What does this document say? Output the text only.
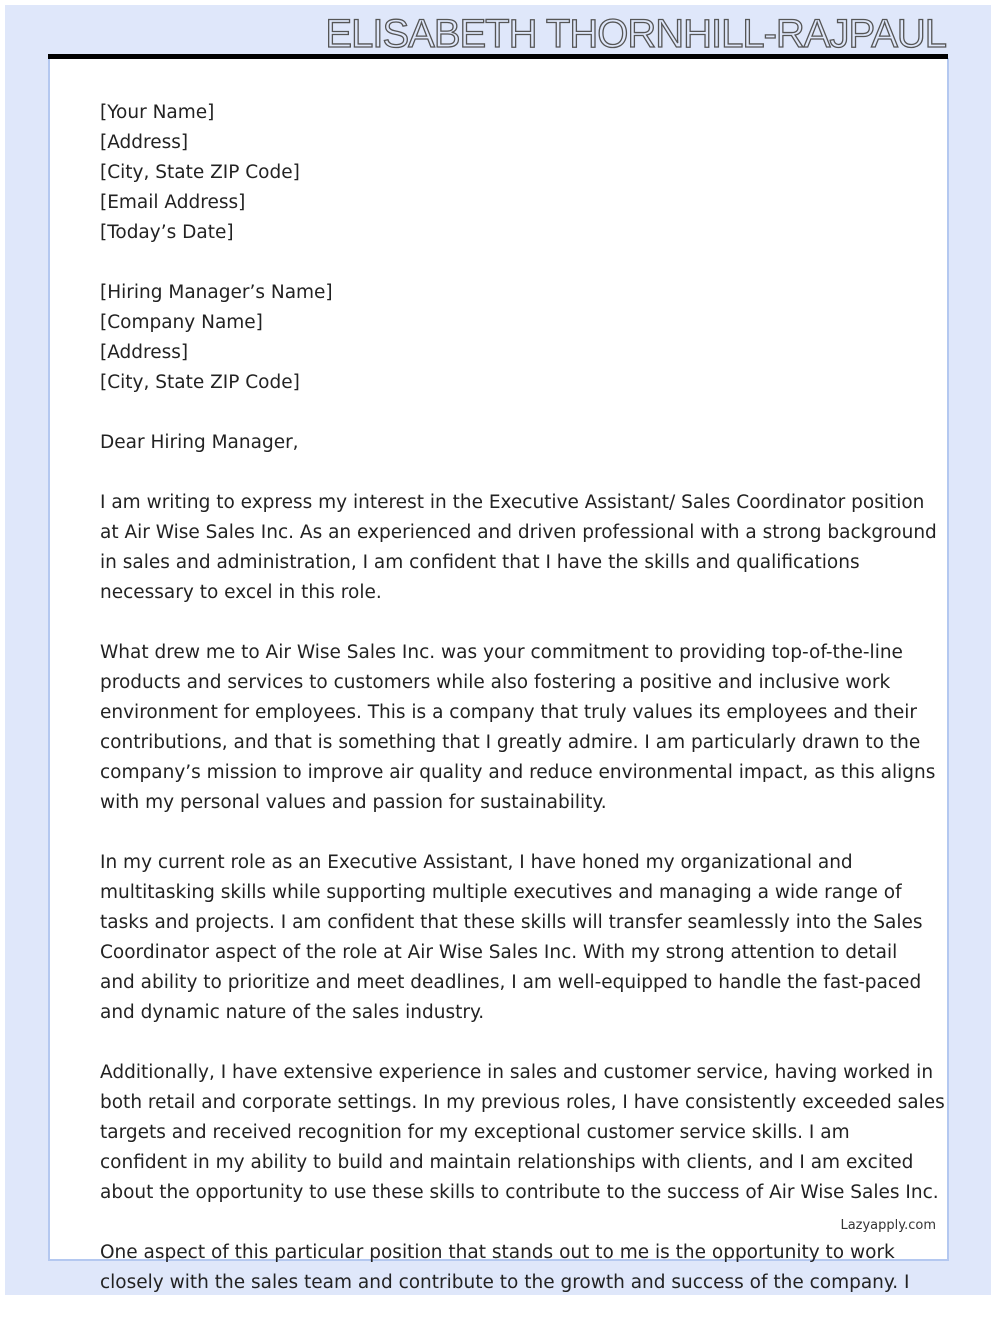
ELISABETH THORNHILL-RAJPAUL
[Your Name]
[Address]
[City, State ZIP Code]
[Email Address]
[Today’s Date]
[Hiring Manager’s Name]
[Company Name]
[Address]
[City, State ZIP Code]
Dear Hiring Manager,
I am writing to express my interest in the Executive Assistant/ Sales Coordinator position
at Air Wise Sales Inc. As an experienced and driven professional with a strong background
in sales and administration, I am confident that I have the skills and qualifications
necessary to excel in this role.
What drew me to Air Wise Sales Inc. was your commitment to providing top-of-the-line
products and services to customers while also fostering a positive and inclusive work
environment for employees. This is a company that truly values its employees and their
contributions, and that is something that I greatly admire. I am particularly drawn to the
company’s mission to improve air quality and reduce environmental impact, as this aligns
with my personal values and passion for sustainability.
In my current role as an Executive Assistant, I have honed my organizational and
multitasking skills while supporting multiple executives and managing a wide range of
tasks and projects. I am confident that these skills will transfer seamlessly into the Sales
Coordinator aspect of the role at Air Wise Sales Inc. With my strong attention to detail
and ability to prioritize and meet deadlines, I am well-equipped to handle the fast-paced
and dynamic nature of the sales industry.
Additionally, I have extensive experience in sales and customer service, having worked in
both retail and corporate settings. In my previous roles, I have consistently exceeded sales
targets and received recognition for my exceptional customer service skills. I am
confident in my ability to build and maintain relationships with clients, and I am excited
about the opportunity to use these skills to contribute to the success of Air Wise Sales Inc.
One aspect of this particular position that stands out to me is the opportunity to work
closely with the sales team and contribute to the growth and success of the company. I
Lazyapply.com
